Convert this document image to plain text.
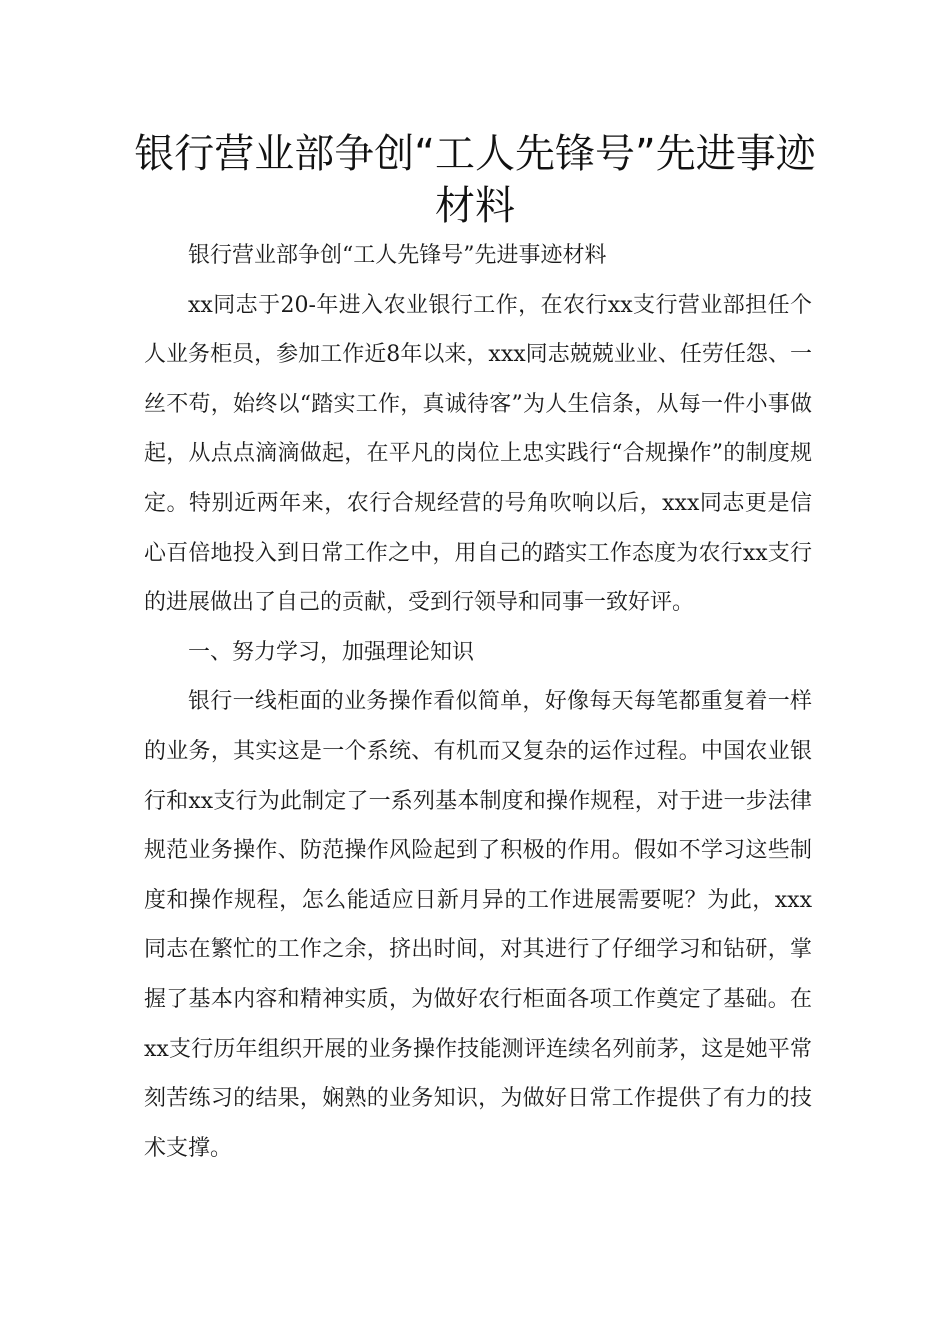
银行营业部争创“工人先锋号”先进事迹材料

银行营业部争创“工人先锋号”先进事迹材料

xx同志于20-年进入农业银行工作，在农行xx支行营业部担任个人业务柜员，参加工作近8年以来，xxx同志兢兢业业、任劳任怨、一丝不苟，始终以“踏实工作，真诚待客”为人生信条，从每一件小事做起，从点点滴滴做起，在平凡的岗位上忠实践行“合规操作”的制度规定。特别近两年来，农行合规经营的号角吹响以后，xxx同志更是信心百倍地投入到日常工作之中，用自己的踏实工作态度为农行xx支行的进展做出了自己的贡献，受到行领导和同事一致好评。

一、努力学习，加强理论知识

银行一线柜面的业务操作看似简单，好像每天每笔都重复着一样的业务，其实这是一个系统、有机而又复杂的运作过程。中国农业银行和xx支行为此制定了一系列基本制度和操作规程，对于进一步法律规范业务操作、防范操作风险起到了积极的作用。假如不学习这些制度和操作规程，怎么能适应日新月异的工作进展需要呢？为此，xxx同志在繁忙的工作之余，挤出时间，对其进行了仔细学习和钻研，掌握了基本内容和精神实质，为做好农行柜面各项工作奠定了基础。在xx支行历年组织开展的业务操作技能测评连续名列前茅，这是她平常刻苦练习的结果，娴熟的业务知识，为做好日常工作提供了有力的技术支撑。
